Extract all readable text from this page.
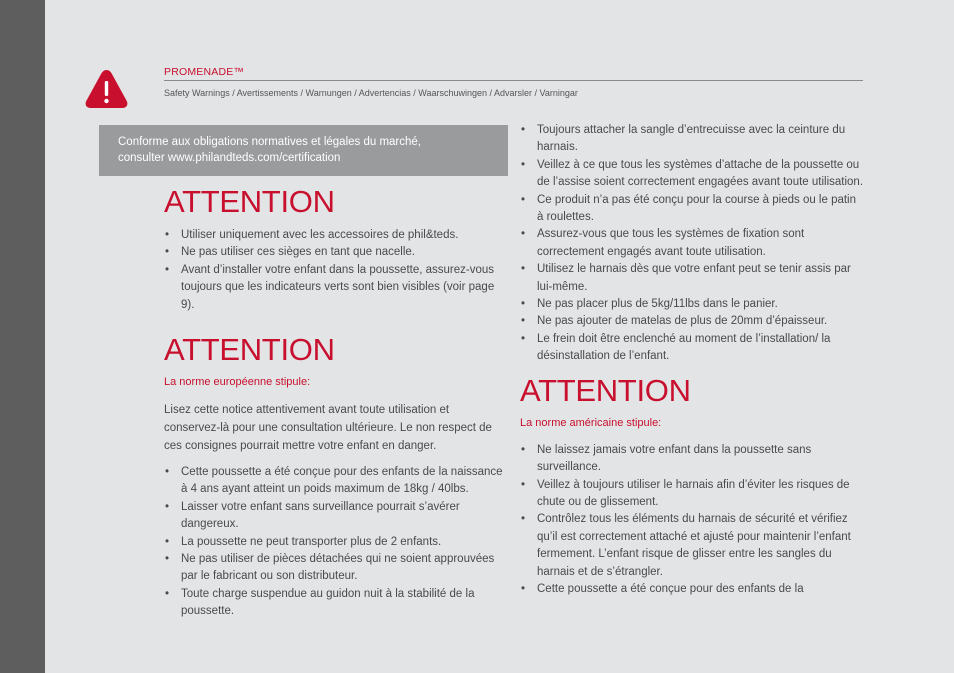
PROMENADE™
Safety Warnings / Avertissements / Warnungen / Advertencias / Waarschuwingen / Advarsler / Varningar
Conforme aux obligations normatives et légales du marché,
consulter www.philandteds.com/certification
ATTENTION
• Utiliser uniquement avec les accessoires de phil&teds.
• Ne pas utiliser ces sièges en tant que nacelle.
• Avant d’installer votre enfant dans la poussette, assurez-vous toujours que les indicateurs verts sont bien visibles (voir page 9).
ATTENTION

La norme européenne stipule:

Lisez cette notice attentivement avant toute utilisation et conservez-là pour une consultation ultérieure. Le non respect de ces consignes pourrait mettre votre enfant en danger.

• Cette poussette a été conçue pour des enfants de la naissance à 4 ans ayant atteint un poids maximum de 18kg / 40lbs.
• Laisser votre enfant sans surveillance pourrait s’avérer dangereux.
• La poussette ne peut transporter plus de 2 enfants.
• Ne pas utiliser de pièces détachées qui ne soient approuvées par le fabricant ou son distributeur.
• Toute charge suspendue au guidon nuit à la stabilité de la poussette.
• Toujours attacher la sangle d’entrecuisse avec la ceinture du harnais.
• Veillez à ce que tous les systèmes d’attache de la poussette ou de l’assise soient correctement engagées avant toute utilisation.
• Ce produit n’a pas été conçu pour la course à pieds ou le patin à roulettes.
• Assurez-vous que tous les systèmes de fixation sont correctement engagés avant toute utilisation.
• Utilisez le harnais dès que votre enfant peut se tenir assis par lui-même.
• Ne pas placer plus de 5kg/11lbs dans le panier.
• Ne pas ajouter de matelas de plus de 20mm d’épaisseur.
• Le frein doit être enclenché au moment de l’installation/ la désinstallation de l’enfant.
ATTENTION

La norme américaine stipule:

• Ne laissez jamais votre enfant dans la poussette sans surveillance.
• Veillez à toujours utiliser le harnais afin d’éviter les risques de chute ou de glissement.
• Contrôlez tous les éléments du harnais de sécurité et vérifiez qu’il est correctement attaché et ajusté pour maintenir l’enfant fermement. L’enfant risque de glisser entre les sangles du harnais et de s’étrangler.
• Cette poussette a été conçue pour des enfants de la
